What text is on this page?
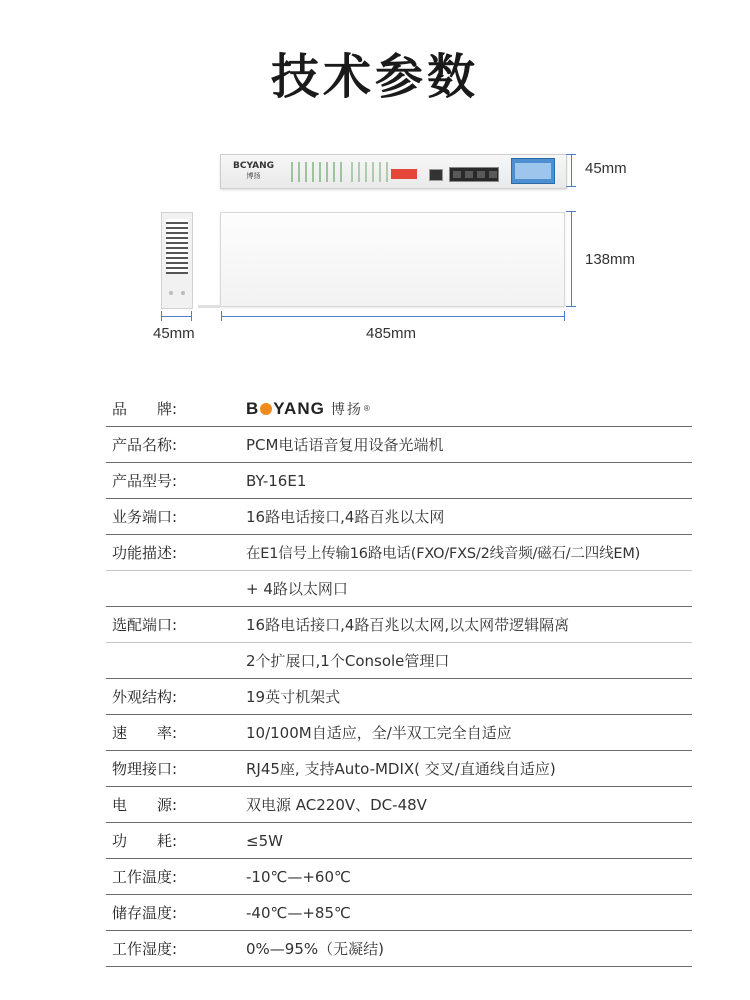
技术参数
BCYANG
博扬	45mm
138mm
45mm	485mm
品　　牌:	B YANG 博扬 ®
产品名称:	PCM电话语音复用设备光端机
产品型号:	BY-16E1
业务端口:	16路电话接口,4路百兆以太网
功能描述:	在E1信号上传输16路电话(FXO/FXS/2线音频/磁石/二四线EM)
+ 4路以太网口
选配端口:	16路电话接口,4路百兆以太网,以太网带逻辑隔离
2个扩展口,1个Console管理口
外观结构:	19英寸机架式
速　　率:	10/100M自适应，全/半双工完全自适应
物理接口:	RJ45座, 支持Auto-MDIX( 交叉/直通线自适应)
电　　源:	双电源 AC220V、DC-48V
功　　耗:	≤5W
工作温度:	-10℃—+60℃
储存温度:	-40℃—+85℃
工作湿度:	0%—95%（无凝结)
